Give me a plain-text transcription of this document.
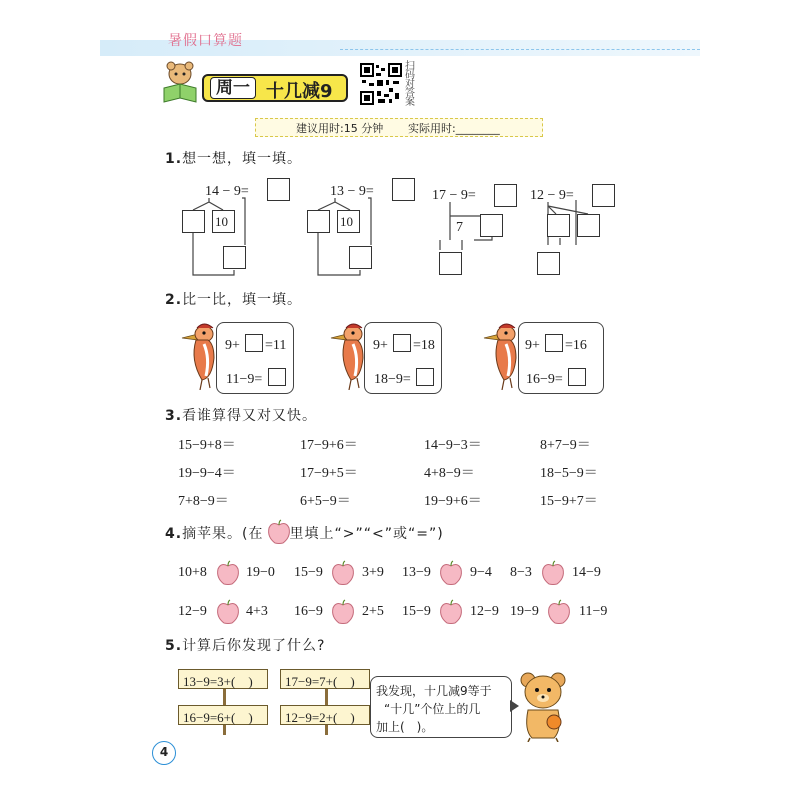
暑假口算题
周一 十几减9
扫码对答案
建议用时:15 分钟 实际用时:________
1.想一想，填一填。
14 − 9=
10
13 − 9=
10
17 − 9=
7
12 − 9=
2.比一比，填一填。
9+ =11
11−9=
9+ =18
18−9=
9+ =16
16−9=
3.看谁算得又对又快。
15−9+8＝	17−9+6＝	14−9−3＝	8+7−9＝
19−9−4＝	17−9+5＝	4+8−9＝	18−5−9＝
7+8−9＝	6+5−9＝	19−9+6＝	15−9+7＝
4.摘苹果。(在 里填上“>”“<”或“=”)
10+8	19−0 15−9	3+9 13−9	9−4 8−3	14−9
12−9	4+3 16−9	2+5 15−9	12−9 19−9	11−9
5.计算后你发现了什么?
13−9=3+(　)	17−9=7+(　)
16−9=6+(　)	12−9=2+(　)
我发现，十几减9等于
“十几”个位上的几
加上(　)。
4
